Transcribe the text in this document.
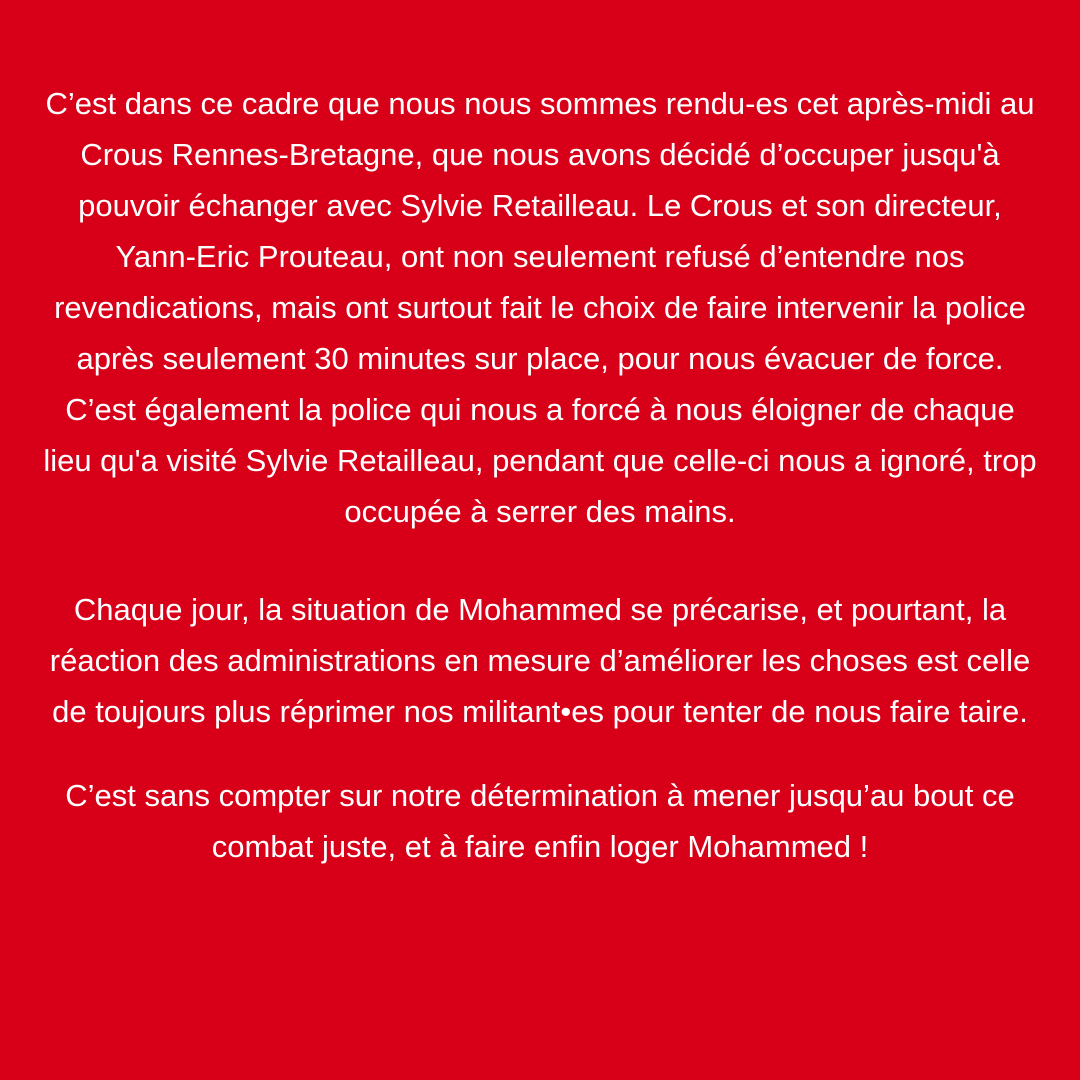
C’est dans ce cadre que nous nous sommes rendu-es cet après-midi au Crous Rennes-Bretagne, que nous avons décidé d’occuper jusqu'à pouvoir échanger avec Sylvie Retailleau. Le Crous et son directeur, Yann-Eric Prouteau, ont non seulement refusé d’entendre nos revendications, mais ont surtout fait le choix de faire intervenir la police après seulement 30 minutes sur place, pour nous évacuer de force. C’est également la police qui nous a forcé à nous éloigner de chaque lieu qu'a visité Sylvie Retailleau, pendant que celle-ci nous a ignoré, trop occupée à serrer des mains.

Chaque jour, la situation de Mohammed se précarise, et pourtant, la réaction des administrations en mesure d’améliorer les choses est celle de toujours plus réprimer nos militant•es pour tenter de nous faire taire.

C’est sans compter sur notre détermination à mener jusqu’au bout ce combat juste, et à faire enfin loger Mohammed !
